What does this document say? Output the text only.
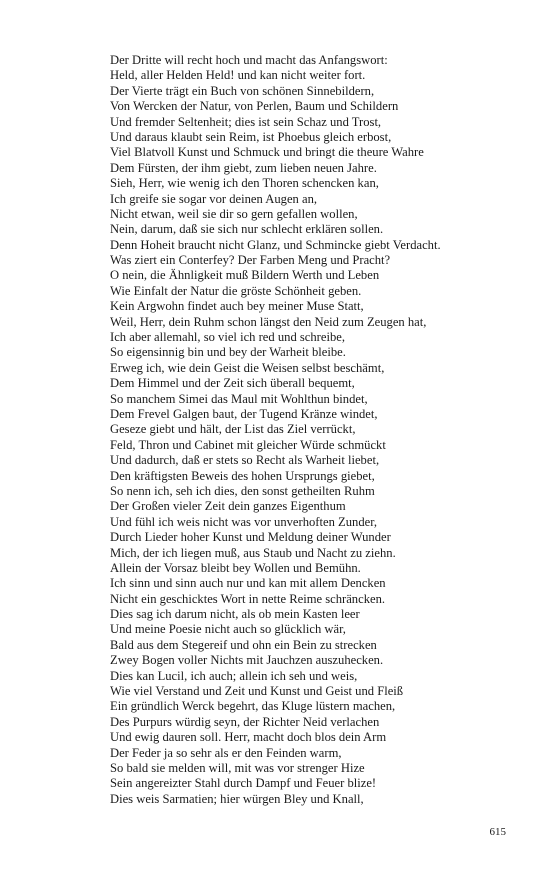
Der Dritte will recht hoch und macht das Anfangswort:
Held, aller Helden Held! und kan nicht weiter fort.
Der Vierte trägt ein Buch von schönen Sinnebildern,
Von Wercken der Natur, von Perlen, Baum und Schildern
Und fremder Seltenheit; dies ist sein Schaz und Trost,
Und daraus klaubt sein Reim, ist Phoebus gleich erbost,
Viel Blatvoll Kunst und Schmuck und bringt die theure Wahre
Dem Fürsten, der ihm giebt, zum lieben neuen Jahre.
Sieh, Herr, wie wenig ich den Thoren schencken kan,
Ich greife sie sogar vor deinen Augen an,
Nicht etwan, weil sie dir so gern gefallen wollen,
Nein, darum, daß sie sich nur schlecht erklären sollen.
Denn Hoheit braucht nicht Glanz, und Schmincke giebt Verdacht.
Was ziert ein Conterfey? Der Farben Meng und Pracht?
O nein, die Ähnligkeit muß Bildern Werth und Leben
Wie Einfalt der Natur die gröste Schönheit geben.
Kein Argwohn findet auch bey meiner Muse Statt,
Weil, Herr, dein Ruhm schon längst den Neid zum Zeugen hat,
Ich aber allemahl, so viel ich red und schreibe,
So eigensinnig bin und bey der Warheit bleibe.
Erweg ich, wie dein Geist die Weisen selbst beschämt,
Dem Himmel und der Zeit sich überall bequemt,
So manchem Simei das Maul mit Wohlthun bindet,
Dem Frevel Galgen baut, der Tugend Kränze windet,
Geseze giebt und hält, der List das Ziel verrückt,
Feld, Thron und Cabinet mit gleicher Würde schmückt
Und dadurch, daß er stets so Recht als Warheit liebet,
Den kräftigsten Beweis des hohen Ursprungs giebet,
So nenn ich, seh ich dies, den sonst getheilten Ruhm
Der Großen vieler Zeit dein ganzes Eigenthum
Und fühl ich weis nicht was vor unverhoften Zunder,
Durch Lieder hoher Kunst und Meldung deiner Wunder
Mich, der ich liegen muß, aus Staub und Nacht zu ziehn.
Allein der Vorsaz bleibt bey Wollen und Bemühn.
Ich sinn und sinn auch nur und kan mit allem Dencken
Nicht ein geschicktes Wort in nette Reime schräncken.
Dies sag ich darum nicht, als ob mein Kasten leer
Und meine Poesie nicht auch so glücklich wär,
Bald aus dem Stegereif und ohn ein Bein zu strecken
Zwey Bogen voller Nichts mit Jauchzen auszuhecken.
Dies kan Lucil, ich auch; allein ich seh und weis,
Wie viel Verstand und Zeit und Kunst und Geist und Fleiß
Ein gründlich Werck begehrt, das Kluge lüstern machen,
Des Purpurs würdig seyn, der Richter Neid verlachen
Und ewig dauren soll. Herr, macht doch blos dein Arm
Der Feder ja so sehr als er den Feinden warm,
So bald sie melden will, mit was vor strenger Hize
Sein angereizter Stahl durch Dampf und Feuer blize!
Dies weis Sarmatien; hier würgen Bley und Knall,
615
